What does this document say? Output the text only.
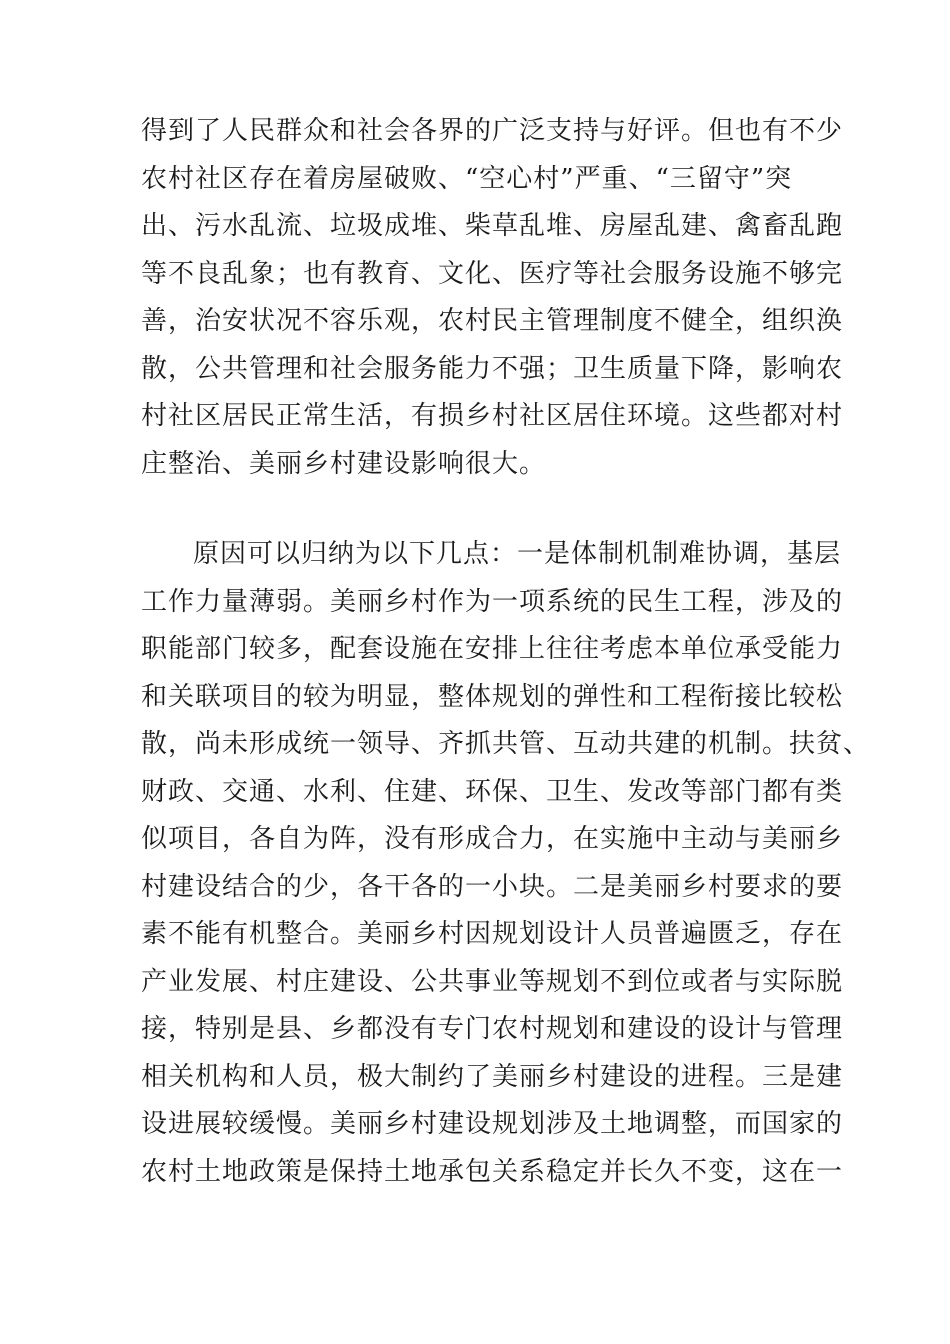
得到了人民群众和社会各界的广泛支持与好评。但也有不少
农村社区存在着房屋破败、“空心村”严重、“三留守”突
出、污水乱流、垃圾成堆、柴草乱堆、房屋乱建、禽畜乱跑
等不良乱象；也有教育、文化、医疗等社会服务设施不够完
善，治安状况不容乐观，农村民主管理制度不健全，组织涣
散，公共管理和社会服务能力不强；卫生质量下降，影响农
村社区居民正常生活，有损乡村社区居住环境。这些都对村
庄整治、美丽乡村建设影响很大。
原因可以归纳为以下几点：一是体制机制难协调，基层
工作力量薄弱。美丽乡村作为一项系统的民生工程，涉及的
职能部门较多，配套设施在安排上往往考虑本单位承受能力
和关联项目的较为明显，整体规划的弹性和工程衔接比较松
散，尚未形成统一领导、齐抓共管、互动共建的机制。扶贫、
财政、交通、水利、住建、环保、卫生、发改等部门都有类
似项目，各自为阵，没有形成合力，在实施中主动与美丽乡
村建设结合的少，各干各的一小块。二是美丽乡村要求的要
素不能有机整合。美丽乡村因规划设计人员普遍匮乏，存在
产业发展、村庄建设、公共事业等规划不到位或者与实际脱
接，特别是县、乡都没有专门农村规划和建设的设计与管理
相关机构和人员，极大制约了美丽乡村建设的进程。三是建
设进展较缓慢。美丽乡村建设规划涉及土地调整，而国家的
农村土地政策是保持土地承包关系稳定并长久不变，这在一
